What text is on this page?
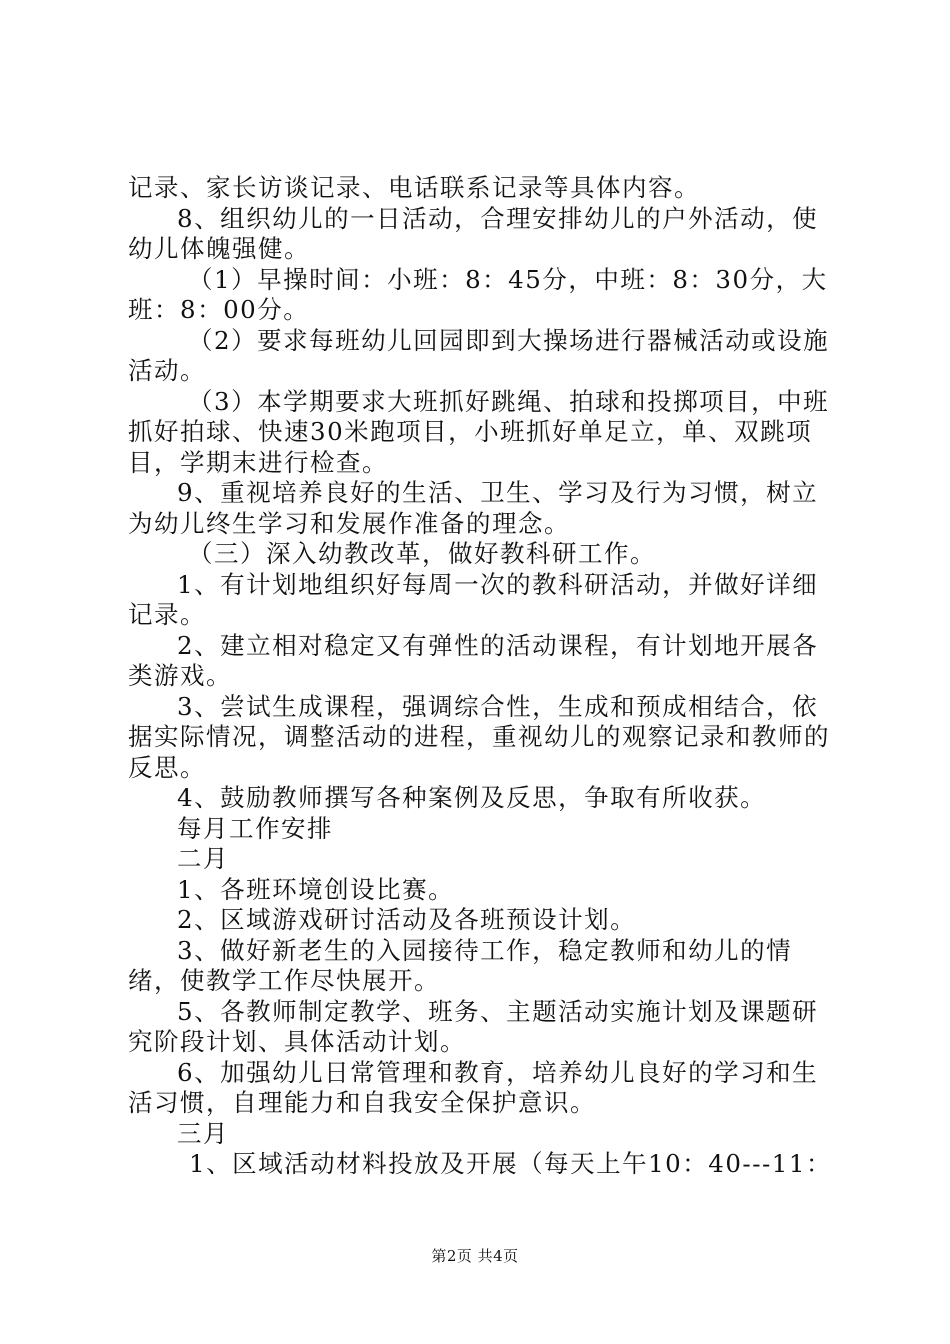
记录、家长访谈记录、电话联系记录等具体内容。

8、组织幼儿的一日活动，合理安排幼儿的户外活动，使幼儿体魄强健。

（1）早操时间：小班：8：45分，中班：8：30分，大班：8：00分。

（2）要求每班幼儿回园即到大操场进行器械活动或设施活动。

（3）本学期要求大班抓好跳绳、拍球和投掷项目，中班抓好拍球、快速30米跑项目，小班抓好单足立，单、双跳项目，学期末进行检查。

9、重视培养良好的生活、卫生、学习及行为习惯，树立为幼儿终生学习和发展作准备的理念。

（三）深入幼教改革，做好教科研工作。

1、有计划地组织好每周一次的教科研活动，并做好详细记录。

2、建立相对稳定又有弹性的活动课程，有计划地开展各类游戏。

3、尝试生成课程，强调综合性，生成和预成相结合，依据实际情况，调整活动的进程，重视幼儿的观察记录和教师的反思。

4、鼓励教师撰写各种案例及反思，争取有所收获。

每月工作安排

二月

1、各班环境创设比赛。

2、区域游戏研讨活动及各班预设计划。

3、做好新老生的入园接待工作，稳定教师和幼儿的情绪，使教学工作尽快展开。

5、各教师制定教学、班务、主题活动实施计划及课题研究阶段计划、具体活动计划。

6、加强幼儿日常管理和教育，培养幼儿良好的学习和生活习惯，自理能力和自我安全保护意识。

三月

1、区域活动材料投放及开展（每天上午10：40---11：

第2页 共4页
